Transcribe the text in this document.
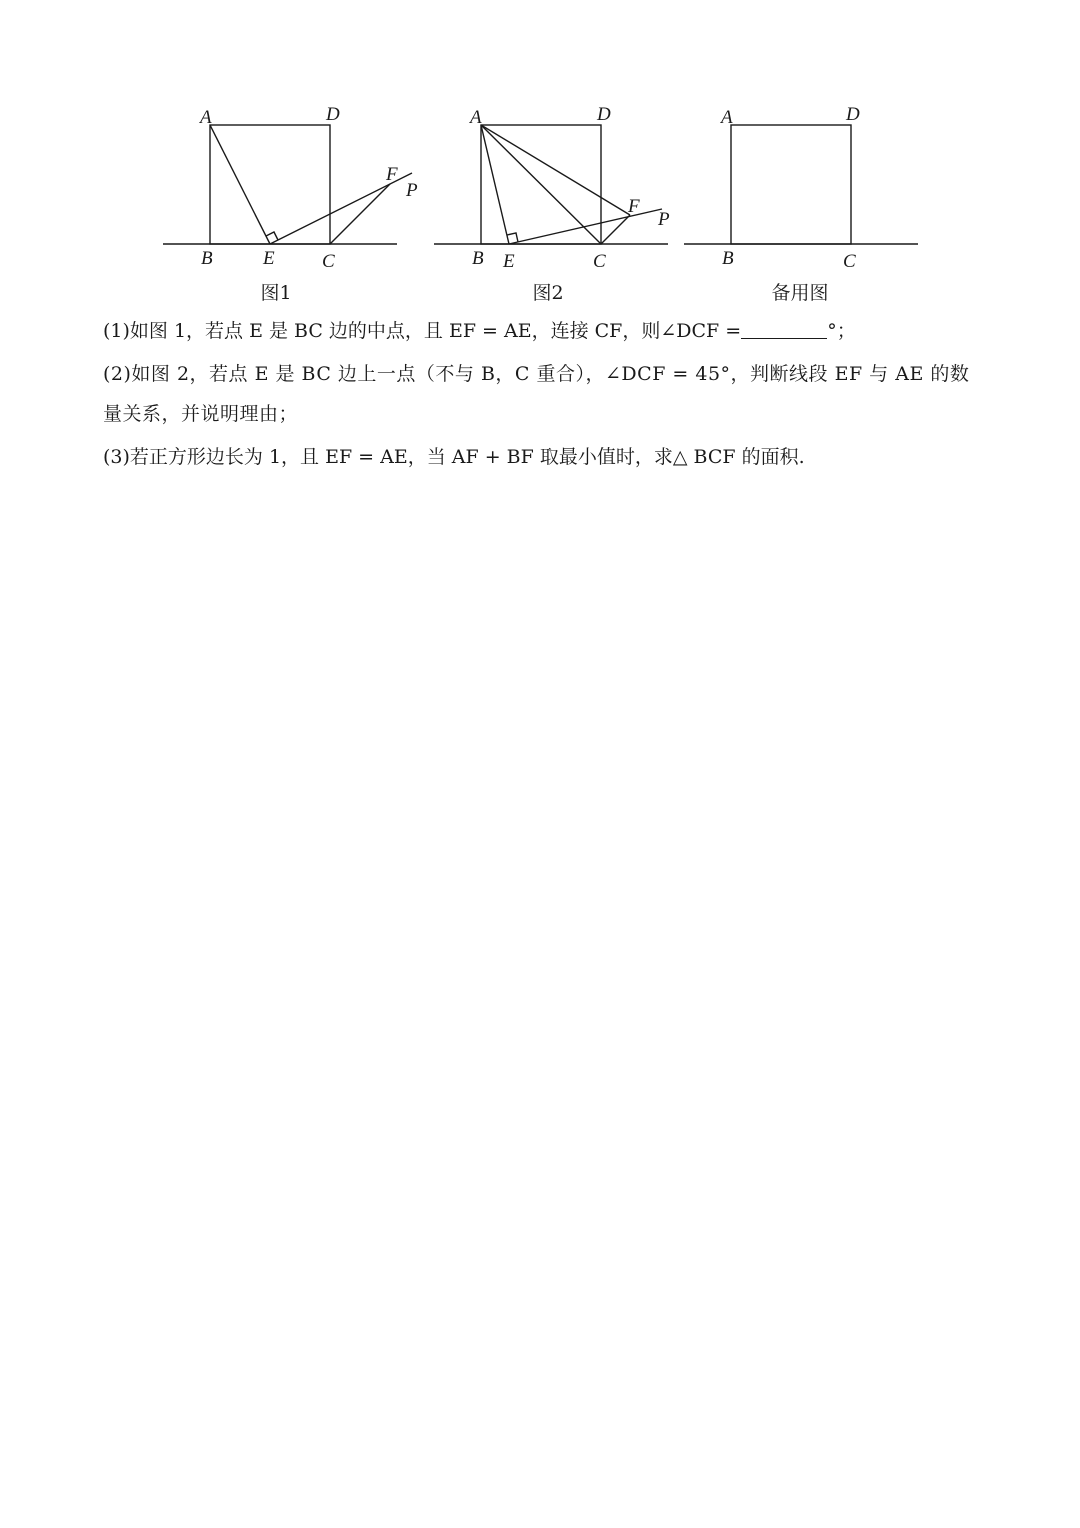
A	D
B	E C
F
P
A	D
B E	C
F
P
A	D
B	C
图1	图2	备用图
(1)如图 1，若点 E 是 BC 边的中点，且 EF = AE，连接 CF，则∠DCF =	°；
(2)如图 2，若点 E 是 BC 边上一点（不与 B，C 重合），∠DCF = 45°，判断线段 EF 与 AE 的数量关系，并说明理由；
(3)若正方形边长为 1，且 EF = AE，当 AF + BF 取最小值时，求△ BCF 的面积.
